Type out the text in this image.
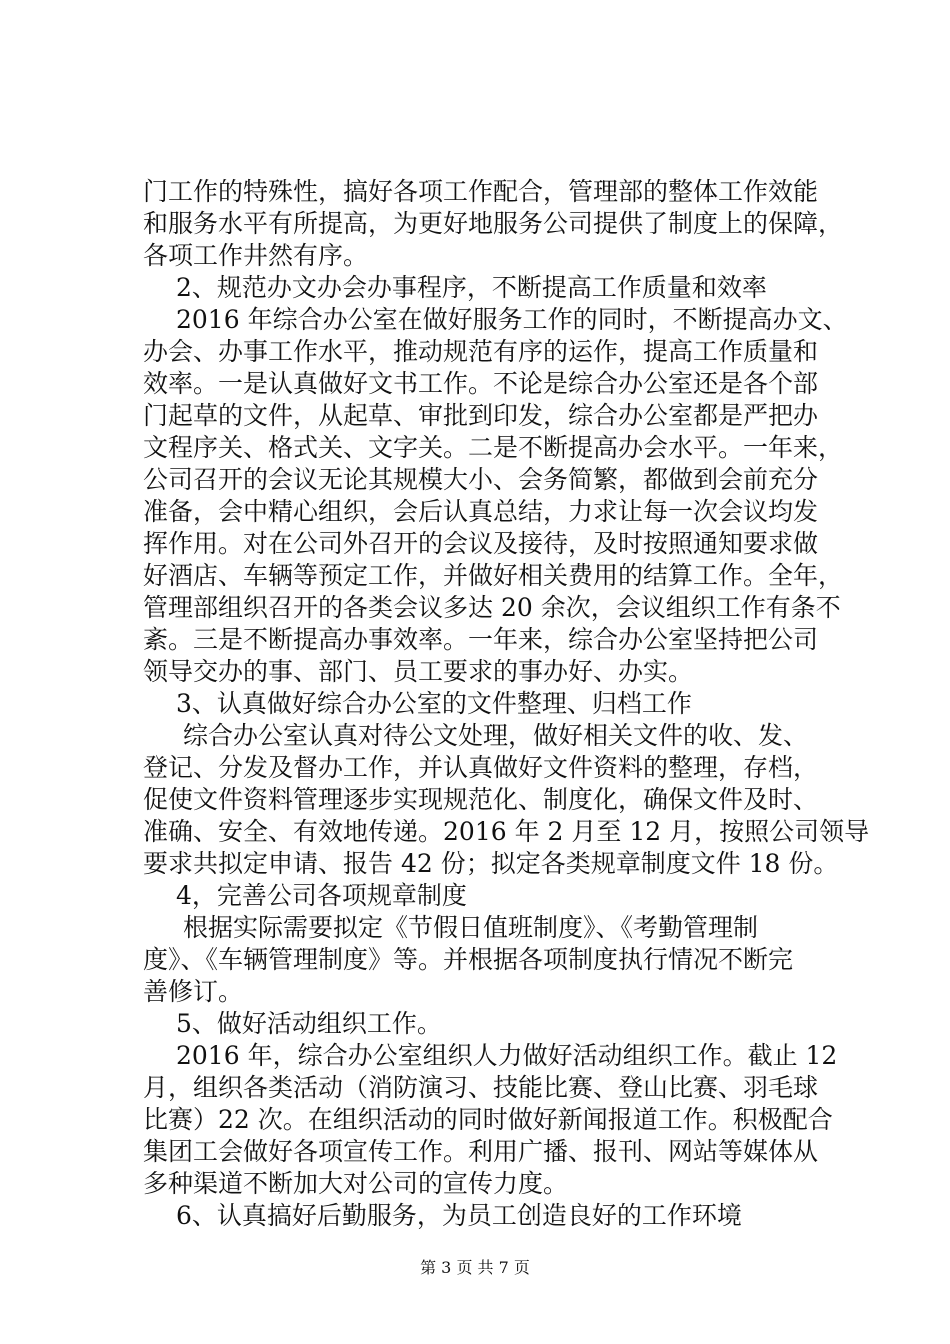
门工作的特殊性，搞好各项工作配合，管理部的整体工作效能
和服务水平有所提高，为更好地服务公司提供了制度上的保障，
各项工作井然有序。
2、规范办文办会办事程序，不断提高工作质量和效率
2016 年综合办公室在做好服务工作的同时，不断提高办文、
办会、办事工作水平，推动规范有序的运作，提高工作质量和
效率。一是认真做好文书工作。不论是综合办公室还是各个部
门起草的文件，从起草、审批到印发，综合办公室都是严把办
文程序关、格式关、文字关。二是不断提高办会水平。一年来，
公司召开的会议无论其规模大小、会务简繁，都做到会前充分
准备，会中精心组织，会后认真总结，力求让每一次会议均发
挥作用。对在公司外召开的会议及接待，及时按照通知要求做
好酒店、车辆等预定工作，并做好相关费用的结算工作。全年，
管理部组织召开的各类会议多达 20 余次，会议组织工作有条不
紊。三是不断提高办事效率。一年来，综合办公室坚持把公司
领导交办的事、部门、员工要求的事办好、办实。
3、认真做好综合办公室的文件整理、归档工作
综合办公室认真对待公文处理，做好相关文件的收、发、
登记、分发及督办工作，并认真做好文件资料的整理，存档，
促使文件资料管理逐步实现规范化、制度化，确保文件及时、
准确、安全、有效地传递。2016 年 2 月至 12 月，按照公司领导
要求共拟定申请、报告 42 份；拟定各类规章制度文件 18 份。
4，完善公司各项规章制度
根据实际需要拟定《节假日值班制度》、《考勤管理制
度》、《车辆管理制度》等。并根据各项制度执行情况不断完
善修订。
5、做好活动组织工作。
2016 年，综合办公室组织人力做好活动组织工作。截止 12
月，组织各类活动（消防演习、技能比赛、登山比赛、羽毛球
比赛）22 次。在组织活动的同时做好新闻报道工作。积极配合
集团工会做好各项宣传工作。利用广播、报刊、网站等媒体从
多种渠道不断加大对公司的宣传力度。
6、认真搞好后勤服务，为员工创造良好的工作环境
第 3 页 共 7 页
